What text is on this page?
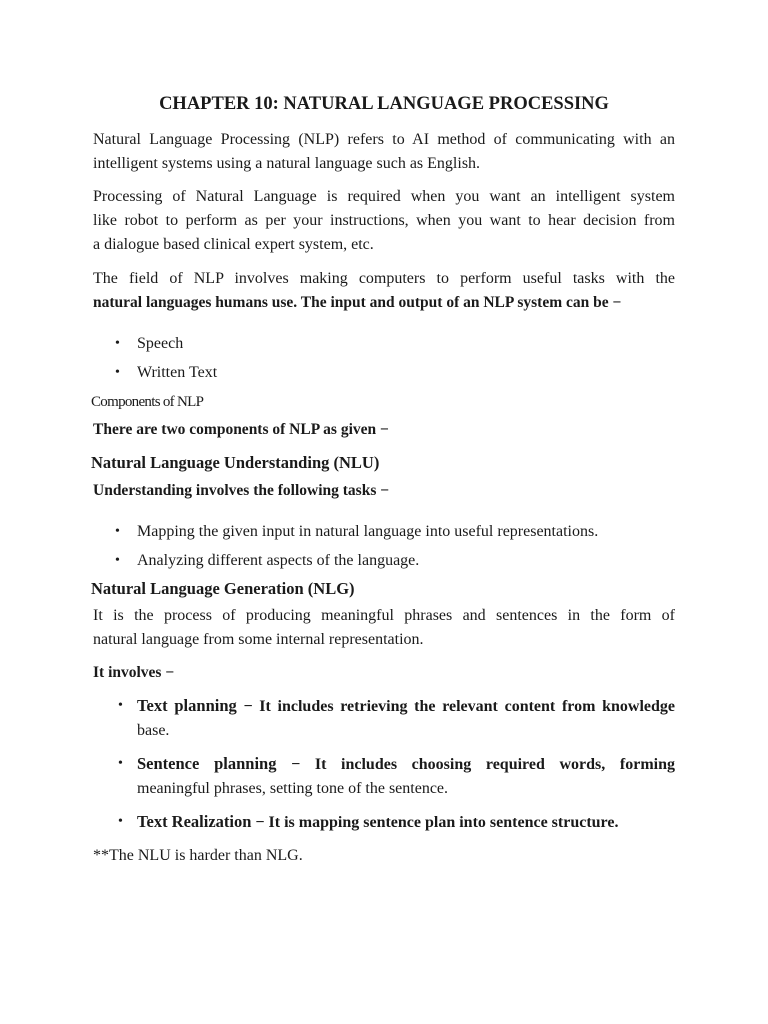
CHAPTER 10: NATURAL LANGUAGE PROCESSING

Natural Language Processing (NLP) refers to AI method of communicating with an
intelligent systems using a natural language such as English.

Processing of Natural Language is required when you want an intelligent system
like robot to perform as per your instructions, when you want to hear decision from
a dialogue based clinical expert system, etc.

The field of NLP involves making computers to perform useful tasks with the
natural languages humans use. The input and output of an NLP system can be −

• Speech
• Written Text

Components of NLP

There are two components of NLP as given −

Natural Language Understanding (NLU)

Understanding involves the following tasks −

• Mapping the given input in natural language into useful representations.
• Analyzing different aspects of the language.
Natural Language Generation (NLG)

It is the process of producing meaningful phrases and sentences in the form of
natural language from some internal representation.

It involves −

• Text planning − It includes retrieving the relevant content from knowledge
base.
• Sentence planning − It includes choosing required words, forming
meaningful phrases, setting tone of the sentence.
• Text Realization − It is mapping sentence plan into sentence structure.

**The NLU is harder than NLG.
